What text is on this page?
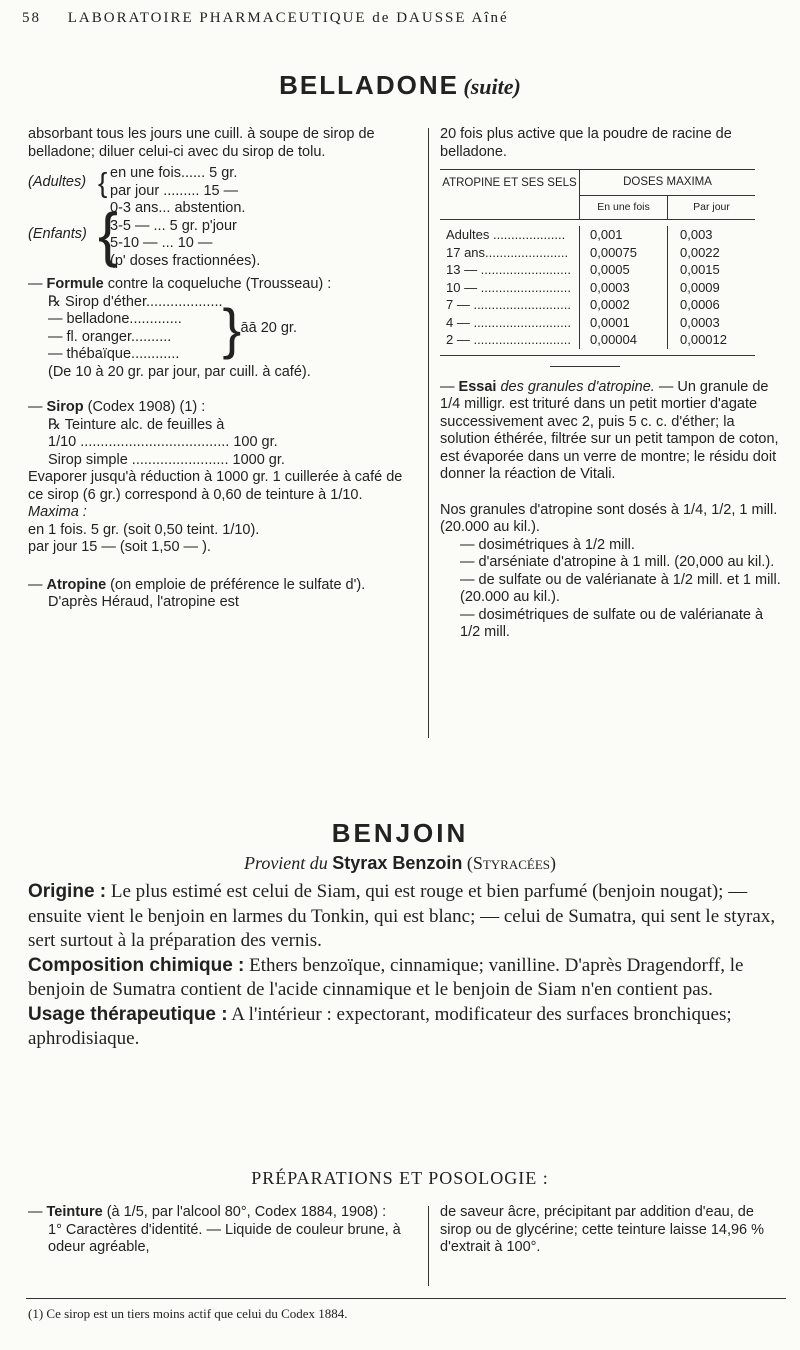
58 LABORATOIRE PHARMACEUTIQUE de DAUSSE Aîné
BELLADONE (suite)
absorbant tous les jours une cuill. à soupe de sirop de belladone; diluer celui-ci avec du sirop de tolu.
(Adultes) { en une fois...... 5 gr.
par jour ......... 15 —
(Enfants) {
0-3 ans... abstention.
3-5 — ... 5 gr. p'jour
5-10 — ... 10 —
(p' doses fractionnées).
— Formule contre la coqueluche (Trousseau) :
℞ Sirop d'éther...................
— belladone.............
— fl. oranger..........
— thébaïque............ } āā 20 gr.
(De 10 à 20 gr. par jour, par cuill. à café).
— Sirop (Codex 1908) (1) :
℞ Teinture alc. de feuilles à
1/10 ..................................... 100 gr.
Sirop simple ........................ 1000 gr.
Evaporer jusqu'à réduction à 1000 gr. 1 cuillerée à café de ce sirop (6 gr.) correspond à 0,60 de teinture à 1/10.
Maxima :
en 1 fois. 5 gr. (soit 0,50 teint. 1/10).
par jour 15 — (soit 1,50 — ).
— Atropine (on emploie de préférence le sulfate d').
D'après Héraud, l'atropine est
20 fois plus active que la poudre de racine de belladone.
ATROPINE ET SES SELS	DOSES MAXIMA
En une fois	Par jour
Adultes ....................	0,001	0,003
17 ans.......................	0,00075	0,0022
13 — .........................	0,0005	0,0015
10 — .........................	0,0003	0,0009
7 — ...........................	0,0002	0,0006
4 — ...........................	0,0001	0,0003
2 — ...........................	0,00004	0,00012
— Essai des granules d'atropine. — Un granule de 1/4 milligr. est trituré dans un petit mortier d'agate successivement avec 2, puis 5 c. c. d'éther; la solution éthérée, filtrée sur un petit tampon de coton, est évaporée dans un verre de montre; le résidu doit donner la réaction de Vitali.
Nos granules d'atropine sont dosés à 1/4, 1/2, 1 mill. (20.000 au kil.).
— dosimétriques à 1/2 mill.
— d'arséniate d'atropine à 1 mill. (20,000 au kil.).
— de sulfate ou de valérianate à 1/2 mill. et 1 mill. (20.000 au kil.).
— dosimétriques de sulfate ou de valérianate à 1/2 mill.
BENJOIN
Provient du Styrax Benzoin (Styracées)
Origine : Le plus estimé est celui de Siam, qui est rouge et bien parfumé (benjoin nougat); — ensuite vient le benjoin en larmes du Tonkin, qui est blanc; — celui de Sumatra, qui sent le styrax, sert surtout à la préparation des vernis.
Composition chimique : Ethers benzoïque, cinnamique; vanilline. D'après Dragendorff, le benjoin de Sumatra contient de l'acide cinnamique et le benjoin de Siam n'en contient pas.
Usage thérapeutique : A l'intérieur : expectorant, modificateur des surfaces bronchiques; aphrodisiaque.
PRÉPARATIONS ET POSOLOGIE :
— Teinture (à 1/5, par l'alcool 80°, Codex 1884, 1908) :
1° Caractères d'identité. — Liquide de couleur brune, à odeur agréable,
de saveur âcre, précipitant par addition d'eau, de sirop ou de glycérine; cette teinture laisse 14,96 % d'extrait à 100°.
(1) Ce sirop est un tiers moins actif que celui du Codex 1884.
